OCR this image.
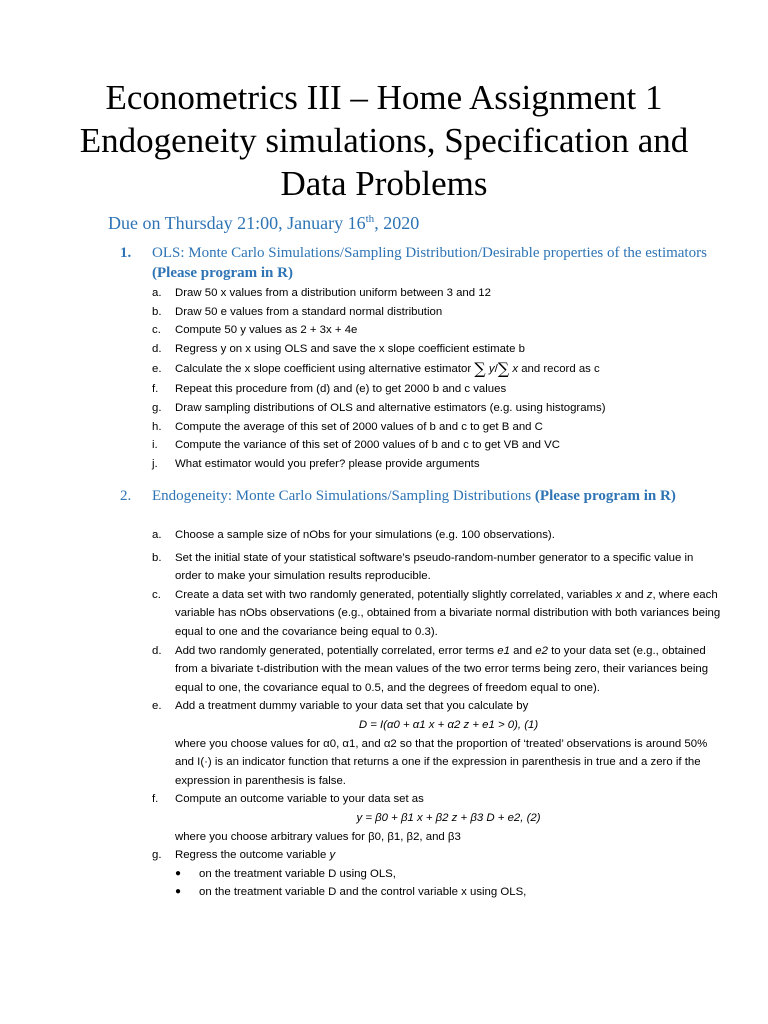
Econometrics III – Home Assignment 1
Endogeneity simulations, Specification and
Data Problems
Due on Thursday 21:00, January 16th, 2020
1. OLS: Monte Carlo Simulations/Sampling Distribution/Desirable properties of the estimators (Please program in R)
a. Draw 50 x values from a distribution uniform between 3 and 12
b. Draw 50 e values from a standard normal distribution
c. Compute 50 y values as 2 + 3x + 4e
d. Regress y on x using OLS and save the x slope coefficient estimate b
e. Calculate the x slope coefficient using alternative estimator ∑ y/∑ x and record as c
f. Repeat this procedure from (d) and (e) to get 2000 b and c values
g. Draw sampling distributions of OLS and alternative estimators (e.g. using histograms)
h. Compute the average of this set of 2000 values of b and c to get B and C
i. Compute the variance of this set of 2000 values of b and c to get VB and VC
j. What estimator would you prefer? please provide arguments
2. Endogeneity: Monte Carlo Simulations/Sampling Distributions (Please program in R)
a. Choose a sample size of nObs for your simulations (e.g. 100 observations).
b. Set the initial state of your statistical software’s pseudo-random-number generator to a specific value in order to make your simulation results reproducible.
c. Create a data set with two randomly generated, potentially slightly correlated, variables x and z, where each variable has nObs observations (e.g., obtained from a bivariate normal distribution with both variances being equal to one and the covariance being equal to 0.3).
d. Add two randomly generated, potentially correlated, error terms e1 and e2 to your data set (e.g., obtained from a bivariate t-distribution with the mean values of the two error terms being zero, their variances being equal to one, the covariance equal to 0.5, and the degrees of freedom equal to one).
e. Add a treatment dummy variable to your data set that you calculate by
D = I(α0 + α1 x + α2 z + e1 > 0), (1)
where you choose values for α0, α1, and α2 so that the proportion of ‘treated’ observations is around 50% and I(·) is an indicator function that returns a one if the expression in parenthesis in true and a zero if the expression in parenthesis is false.
f. Compute an outcome variable to your data set as
y = β0 + β1 x + β2 z + β3 D + e2, (2)
where you choose arbitrary values for β0, β1, β2, and β3
g. Regress the outcome variable y
● on the treatment variable D using OLS,
● on the treatment variable D and the control variable x using OLS,
